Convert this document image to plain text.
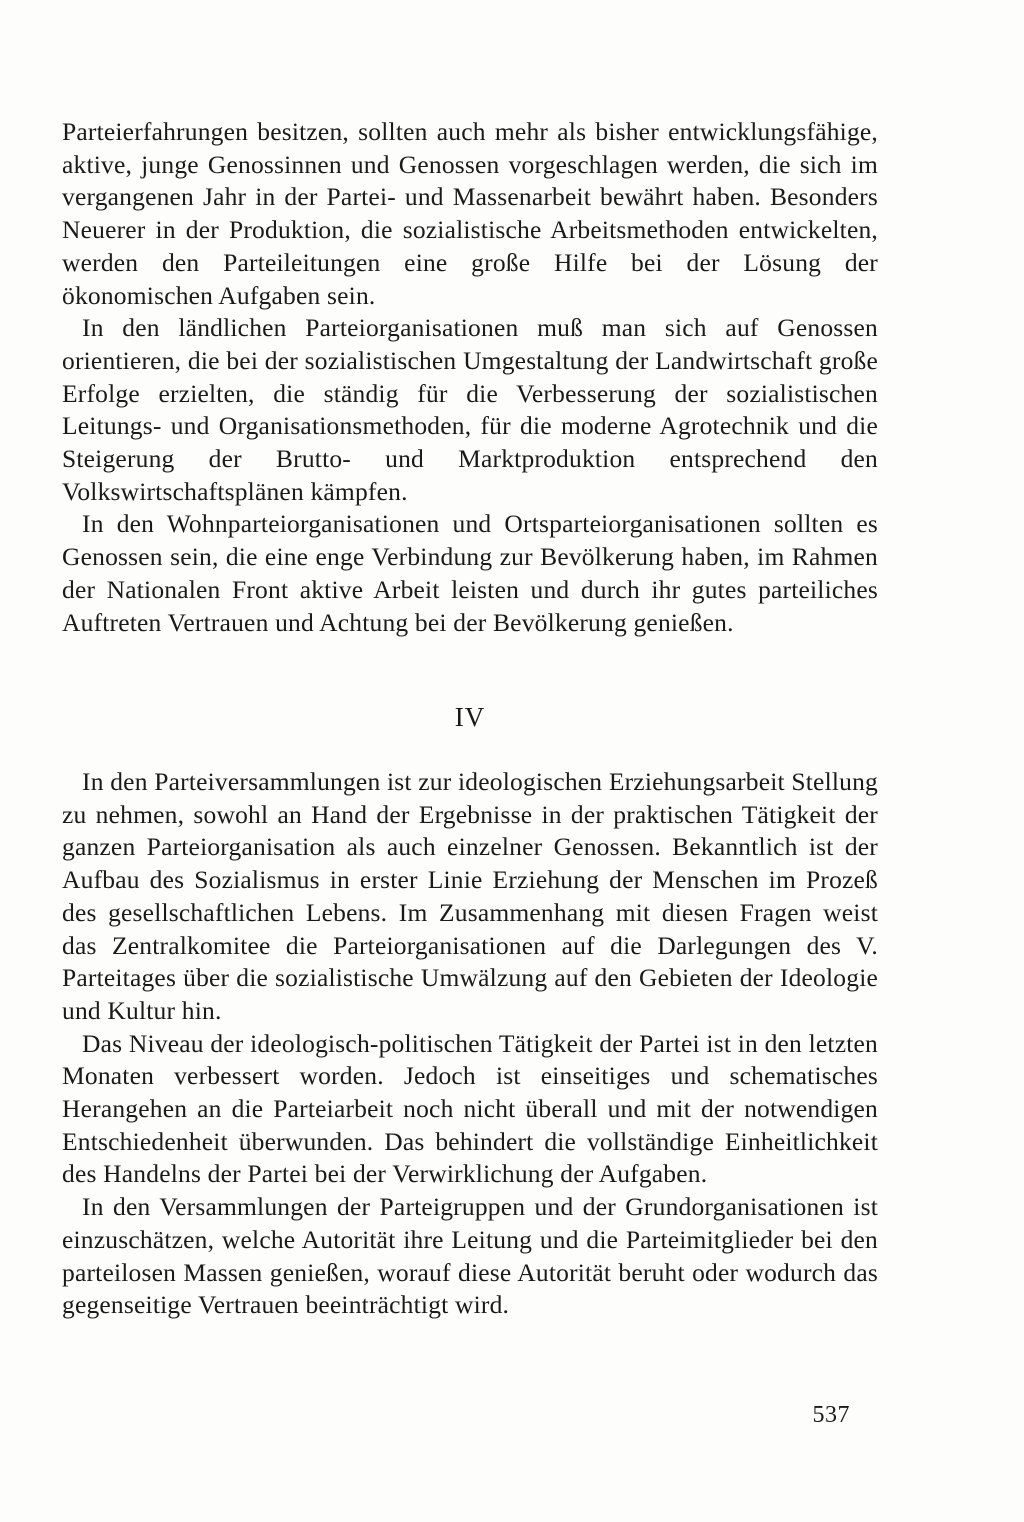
Parteierfahrungen besitzen, sollten auch mehr als bisher entwicklungsfähige, aktive, junge Genossinnen und Genossen vorgeschlagen werden, die sich im vergangenen Jahr in der Partei- und Massenarbeit bewährt haben. Besonders Neuerer in der Produktion, die sozialistische Arbeitsmethoden entwickelten, werden den Parteileitungen eine große Hilfe bei der Lösung der ökonomischen Aufgaben sein.

In den ländlichen Parteiorganisationen muß man sich auf Genossen orientieren, die bei der sozialistischen Umgestaltung der Landwirtschaft große Erfolge erzielten, die ständig für die Verbesserung der sozialistischen Leitungs- und Organisationsmethoden, für die moderne Agrotechnik und die Steigerung der Brutto- und Marktproduktion entsprechend den Volkswirtschaftsplänen kämpfen.

In den Wohnparteiorganisationen und Ortsparteiorganisationen sollten es Genossen sein, die eine enge Verbindung zur Bevölkerung haben, im Rahmen der Nationalen Front aktive Arbeit leisten und durch ihr gutes parteiliches Auftreten Vertrauen und Achtung bei der Bevölkerung genießen.

IV

In den Parteiversammlungen ist zur ideologischen Erziehungsarbeit Stellung zu nehmen, sowohl an Hand der Ergebnisse in der praktischen Tätigkeit der ganzen Parteiorganisation als auch einzelner Genossen. Bekanntlich ist der Aufbau des Sozialismus in erster Linie Erziehung der Menschen im Prozeß des gesellschaftlichen Lebens. Im Zusammenhang mit diesen Fragen weist das Zentralkomitee die Parteiorganisationen auf die Darlegungen des V. Parteitages über die sozialistische Umwälzung auf den Gebieten der Ideologie und Kultur hin.

Das Niveau der ideologisch-politischen Tätigkeit der Partei ist in den letzten Monaten verbessert worden. Jedoch ist einseitiges und schematisches Herangehen an die Parteiarbeit noch nicht überall und mit der notwendigen Entschiedenheit überwunden. Das behindert die vollständige Einheitlichkeit des Handelns der Partei bei der Verwirklichung der Aufgaben.

In den Versammlungen der Parteigruppen und der Grundorganisationen ist einzuschätzen, welche Autorität ihre Leitung und die Parteimitglieder bei den parteilosen Massen genießen, worauf diese Autorität beruht oder wodurch das gegenseitige Vertrauen beeinträchtigt wird.

537
